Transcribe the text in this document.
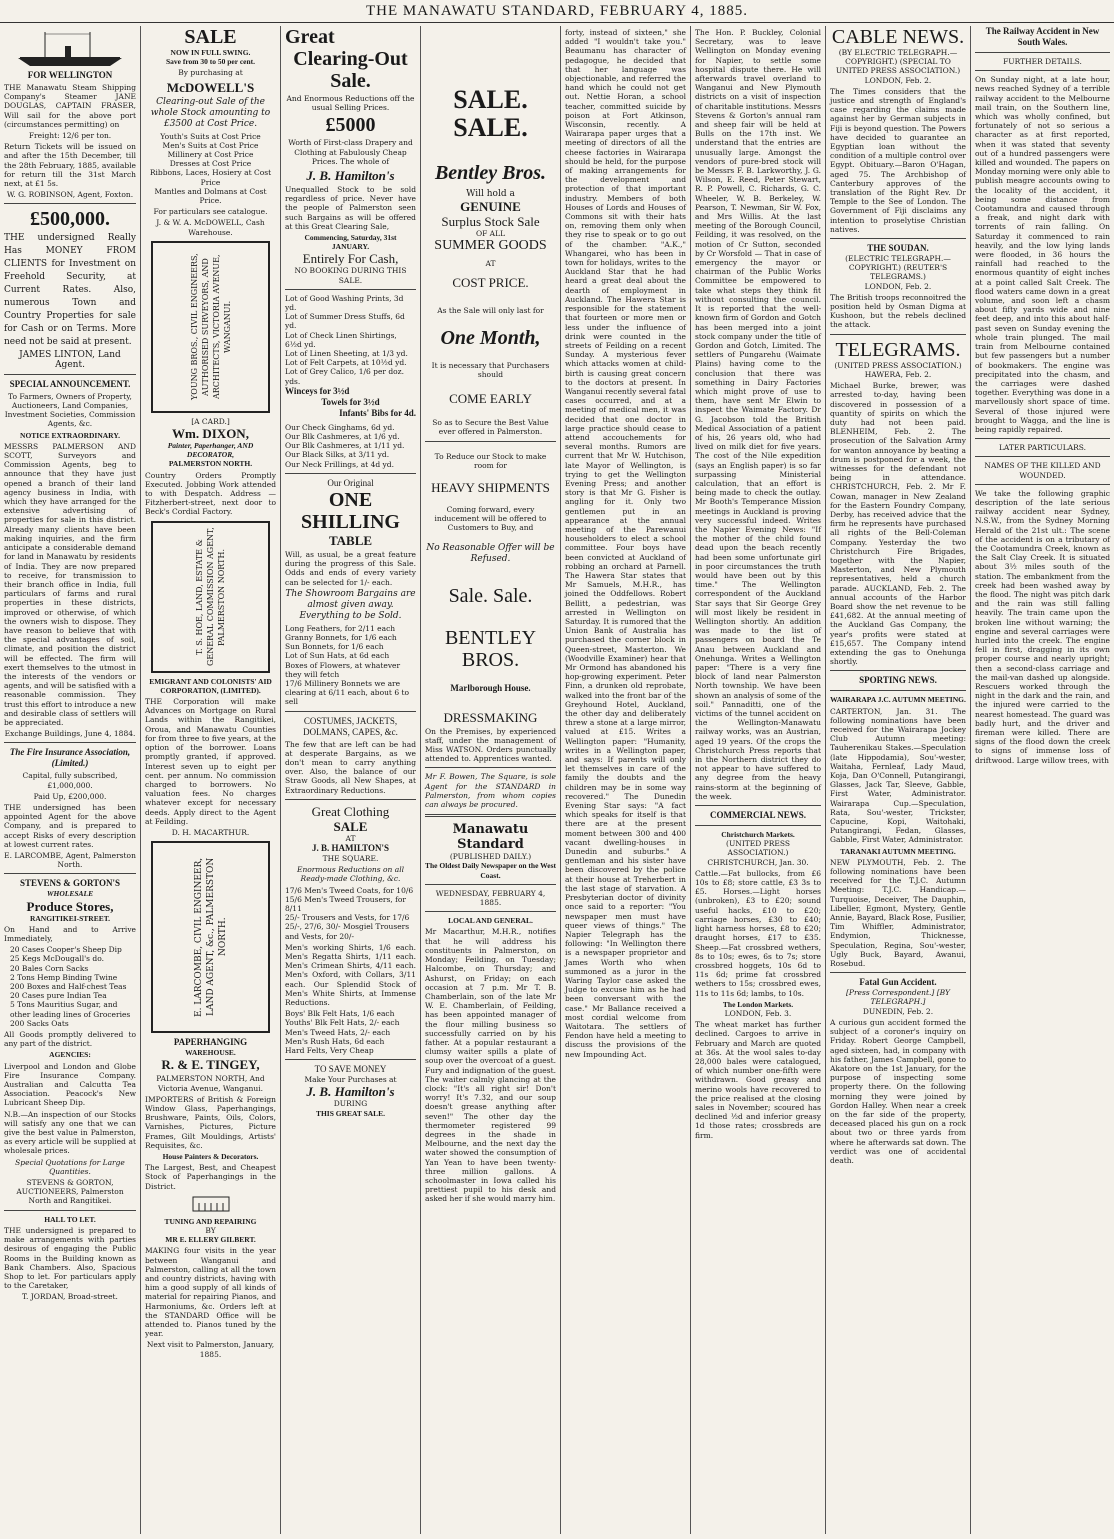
THE MANAWATU STANDARD, FEBRUARY 4, 1885.
FOR WELLINGTON

THE Manawatu Steam Shipping Company's Steamer JANE DOUGLAS, CAPTAIN FRASER, Will sail for the above port (circumstances permitting) on

Freight: 12/6 per ton.

Return Tickets will be issued on and after the 15th December, till the 28th February, 1885, available for return till the 31st March next, at £1 5s.

W. G. ROBINSON, Agent, Foxton.

£500,000.

THE undersigned Really Has MONEY FROM CLIENTS for Investment on Freehold Security, at Current Rates. Also, numerous Town and Country Properties for sale for Cash or on Terms. More need not be said at present.

JAMES LINTON, Land Agent.

SPECIAL ANNOUNCEMENT.

To Farmers, Owners of Property, Auctioneers, Land Companies, Investment Societies, Commission Agents, &c.

NOTICE EXTRAORDINARY.

MESSRS PALMERSON AND SCOTT, Surveyors and Commission Agents, beg to announce that they have just opened a branch of their land agency business in India, with which they have arranged for the extensive advertising of properties for sale in this district. Already many clients have been making inquiries, and the firm anticipate a considerable demand for land in Manawatu by residents of India. They are now prepared to receive, for transmission to their branch office in India, full particulars of farms and rural properties in these districts, improved or otherwise, of which the owners wish to dispose. They have reason to believe that with the special advantages of soil, climate, and position the district will be effected. The firm will exert themselves to the utmost in the interests of the vendors or agents, and will be satisfied with a reasonable commission. They trust this effort to introduce a new and desirable class of settlers will be appreciated.

Exchange Buildings, June 4, 1884.

The Fire Insurance Association, (Limited.)

Capital, fully subscribed, £1,000,000.

Paid Up, £200,000.

THE undersigned has been appointed Agent for the above Company, and is prepared to accept Risks of every description at lowest current rates.

E. LARCOMBE, Agent, Palmerston North.

STEVENS & GORTON'S
WHOLESALE
Produce Stores,
RANGITIKEI-STREET.

On Hand and to Arrive Immediately,

20 Cases Cooper's Sheep Dip
25 Kegs McDougall's do.
20 Bales Corn Sacks
2 Tons Hemp Binding Twine
200 Boxes and Half-chest Teas
20 Cases pure Indian Tea
5 Tons Mauritius Sugar, and other leading lines of Groceries
200 Sacks Oats

All Goods promptly delivered to any part of the district.

AGENCIES:

Liverpool and London and Globe Fire Insurance Company. Australian and Calcutta Tea Association. Peacock's New Lubricant Sheep Dip.

N.B.—An inspection of our Stocks will satisfy any one that we can give the best value in Palmerston, as every article will be supplied at wholesale prices.

Special Quotations for Large Quantities.

STEVENS & GORTON, AUCTIONEERS, Palmerston North and Rangitikei.

HALL TO LET.

THE undersigned is prepared to make arrangements with parties desirous of engaging the Public Rooms in the Building known as Bank Chambers. Also, Spacious Shop to let. For particulars apply to the Caretaker,

T. JORDAN, Broad-street.

SALE
NOW IN FULL SWING.
Save from 30 to 50 per cent.

By purchasing at

McDOWELL'S

Clearing-out Sale of the whole Stock amounting to £3500 at Cost Price.

Youth's Suits at Cost Price
Men's Suits at Cost Price
Millinery at Cost Price
Dresses at Cost Price
Ribbons, Laces, Hosiery at Cost Price
Mantles and Dolmans at Cost Price.

For particulars see catalogue.

J. & W. A. McDOWELL, Cash Warehouse.

YOUNG BROS., CIVIL ENGINEERS, AUTHORISED SURVEYORS, AND ARCHITECTS, VICTORIA AVENUE, WANGANUI.
[A CARD.]
Wm. DIXON,
Painter, Paperhanger, AND DECORATOR,
PALMERSTON NORTH.

Country Orders Promptly Executed. Jobbing Work attended to with Despatch. Address — Fitzherbert-street, next door to Beck's Cordial Factory.

T. S. HOE, LAND, ESTATE & GENERAL COMMISSION AGENT, PALMERSTON NORTH.
EMIGRANT AND COLONISTS' AID CORPORATION, (LIMITED).

THE Corporation will make Advances on Mortgage on Rural Lands within the Rangitikei, Oroua, and Manawatu Counties for from three to five years, at the option of the borrower. Loans promptly granted, if approved. Interest seven up to eight per cent. per annum. No commission charged to borrowers. No valuation fees. No charges whatever except for necessary deeds. Apply direct to the Agent at Feilding.

D. H. MACARTHUR.

E. LARCOMBE, CIVIL ENGINEER, LAND AGENT, &c., PALMERSTON NORTH.
PAPERHANGING
WAREHOUSE.
R. & E. TINGEY,

PALMERSTON NORTH, And Victoria Avenue, Wanganui.

IMPORTERS of British & Foreign Window Glass, Paperhangings, Brushware, Paints, Oils, Colors, Varnishes, Pictures, Picture Frames, Gilt Mouldings, Artists' Requisites, &c.

House Painters & Decorators.

The Largest, Best, and Cheapest Stock of Paperhangings in the District.

TUNING AND REPAIRING
BY
MR E. ELLERY GILBERT.

MAKING four visits in the year between Wanganui and Palmerston, calling at all the town and country districts, having with him a good supply of all kinds of material for repairing Pianos, and Harmoniums, &c. Orders left at the STANDARD Office will be attended to. Pianos tuned by the year.

Next visit to Palmerston, January, 1885.

Great
Clearing-Out Sale.

And Enormous Reductions off the usual Selling Prices.

£5000

Worth of First-class Drapery and Clothing at Fabulously Cheap Prices. The whole of

J. B. Hamilton's

Unequalled Stock to be sold regardless of price. Never have the people of Palmerston seen such Bargains as will be offered at this Great Clearing Sale,

Commencing, Saturday, 31st JANUARY.
Entirely For Cash,
NO BOOKING DURING THIS SALE.
Lot of Good Washing Prints, 3d yd.
Lot of Summer Dress Stuffs, 6d yd.
Lot of Check Linen Shirtings, 6½d yd.
Lot of Linen Sheeting, at 1/3 yd.
Lot of Felt Carpets, at 10½d yd.
Lot of Grey Calico, 1/6 per doz. yds.
Winceys for 3½d
Towels for 3½d
Infants' Bibs for 4d.
Our Check Ginghams, 6d yd.
Our Blk Cashmeres, at 1/6 yd.
Our Blk Cashmeres, at 1/11 yd.
Our Black Silks, at 3/11 yd.
Our Neck Frillings, at 4d yd.
Our Original
ONE SHILLING
TABLE

Will, as usual, be a great feature during the progress of this Sale. Odds and ends of every variety can be selected for 1/- each.

The Showroom Bargains are almost given away. Everything to be Sold.

Long Feathers, for 2/11 each
Granny Bonnets, for 1/6 each
Sun Bonnets, for 1/6 each
Lot of Sun Hats, at 6d each
Boxes of Flowers, at whatever they will fetch
17/6 Millinery Bonnets we are clearing at 6/11 each, about 6 to sell
COSTUMES, JACKETS, DOLMANS, CAPES, &c.

The few that are left can be had at desperate Bargains, as we don't mean to carry anything over. Also, the balance of our Straw Goods, all New Shapes, at Extraordinary Reductions.

Great Clothing
SALE
AT
J. B. HAMILTON'S
THE SQUARE.

Enormous Reductions on all Ready-made Clothing, &c.

17/6 Men's Tweed Coats, for 10/6
15/6 Men's Tweed Trousers, for 8/11
25/- Trousers and Vests, for 17/6
25/-, 27/6, 30/- Mosgiel Trousers and Vests, for 20/-

Men's working Shirts, 1/6 each. Men's Regatta Shirts, 1/11 each. Men's Crimean Shirts, 4/11 each. Men's Oxford, with Collars, 3/11 each. Our Splendid Stock of Men's White Shirts, at Immense Reductions.

Boys' Blk Felt Hats, 1/6 each
Youths' Blk Felt Hats, 2/- each
Men's Tweed Hats, 2/- each
Men's Rush Hats, 6d each
Hard Felts, Very Cheap
TO SAVE MONEY
Make Your Purchases at
J. B. Hamilton's
DURING
THIS GREAT SALE.
SALE. SALE.
Bentley Bros.
Will hold a
GENUINE
Surplus Stock Sale
OF ALL
SUMMER GOODS
AT
COST PRICE.

As the Sale will only last for

One Month,

It is necessary that Purchasers should

COME EARLY

So as to Secure the Best Value ever offered in Palmerston.

To Reduce our Stock to make room for

HEAVY SHIPMENTS

Coming forward, every inducement will be offered to Customers to Buy, and

No Reasonable Offer will be Refused.

Sale. Sale.
BENTLEY BROS.
Marlborough House.
DRESSMAKING

On the Premises, by experienced staff, under the management of Miss WATSON. Orders punctually attended to. Apprentices wanted.

Mr F. Bowen, The Square, is sole Agent for the STANDARD in Palmerston, from whom copies can always be procured.

Manawatu Standard
(PUBLISHED DAILY.)
The Oldest Daily Newspaper on the West Coast.
WEDNESDAY, FEBRUARY 4, 1885.
LOCAL AND GENERAL.

Mr Macarthur, M.H.R., notifies that he will address his constituents in Palmerston, on Monday; Feilding, on Tuesday; Halcombe, on Thursday; and Ashurst, on Friday; on each occasion at 7 p.m. Mr T. B. Chamberlain, son of the late Mr W. E. Chamberlain, of Feilding, has been appointed manager of the flour milling business so successfully carried on by his father. At a popular restaurant a clumsy waiter spills a plate of soup over the overcoat of a guest. Fury and indignation of the guest. The waiter calmly glancing at the clock: "It's all right sir! Don't worry! It's 7.32, and our soup doesn't grease anything after seven!" The other day the thermometer registered 99 degrees in the shade in Melbourne, and the next day the water showed the consumption of Yan Yean to have been twenty-three million gallons. A schoolmaster in Iowa called his prettiest pupil to his desk and asked her if she would marry him.

forty, instead of sixteen," she added "I wouldn't take you." Beaumanu has character of pedagogue, he decided that that her language was objectionable, and referred the hand which he could not get out. Nettie Horan, a school teacher, committed suicide by poison at Fort Atkinson, Wisconsin, recently. A Wairarapa paper urges that a meeting of directors of all the cheese factories in Wairarapa should be held, for the purpose of making arrangements for the development and protection of that important industry. Members of both Houses of Lords and Houses of Commons sit with their hats on, removing them only when they rise to speak or to go out of the chamber. "A.K.," Whangarei, who has been in town for holidays, writes to the Auckland Star that he had heard a great deal about the dearth of employment in Auckland. The Hawera Star is responsible for the statement that fourteen or more men or less under the influence of drink were counted in the streets of Feilding on a recent Sunday. A mysterious fever which attacks women at child-birth is causing great concern to the doctors at present. In Wanganui recently several fatal cases occurred, and at a meeting of medical men, it was decided that one doctor in large practice should cease to attend accouchements for several months. Rumors are current that Mr W. Hutchison, late Mayor of Wellington, is trying to get the Wellington Evening Press; and another story is that Mr G. Fisher is angling for it. Only two gentlemen put in an appearance at the annual meeting of the Parewanui householders to elect a school committee. Four boys have been convicted at Auckland of robbing an orchard at Parnell. The Hawera Star states that Mr Samuels, M.H.R., has joined the Oddfellows. Robert Bellitt, a pedestrian, was arrested in Wellington on Saturday. It is rumored that the Union Bank of Australia has purchased the corner block in Queen-street, Masterton. We (Woodville Examiner) hear that Mr Ormond has abandoned his hop-growing experiment. Peter Finn, a drunken old reprobate, walked into the front bar of the Greyhound Hotel, Auckland, the other day and deliberately threw a stone at a large mirror, valued at £15. Writes a Wellington paper: "Humanity, writes in a Wellington paper, and says: If parents will only let themselves in care of the family the doubts and the children may be in some way recovered." The Dunedin Evening Star says: "A fact which speaks for itself is that there are at the present moment between 300 and 400 vacant dwelling-houses in Dunedin and suburbs." A gentleman and his sister have been discovered by the police at their house at Treherbert in the last stage of starvation. A Presbyterian doctor of divinity once said to a reporter: "You newspaper men must have queer views of things." The Napier Telegraph has the following: "In Wellington there is a newspaper proprietor and James Worth who when summoned as a juror in the Waring Taylor case asked the Judge to excuse him as he had been conversant with the case." Mr Ballance received a most cordial welcome from Waitotara. The settlers of Fendon have held a meeting to discuss the provisions of the new Impounding Act.

The Hon. P. Buckley, Colonial Secretary, was to leave Wellington on Monday evening for Napier, to settle some hospital dispute there. He will afterwards travel overland to Wanganui and New Plymouth districts on a visit of inspection of charitable institutions. Messrs Stevens & Gorton's annual ram and sheep fair will be held at Bulls on the 17th inst. We understand that the entries are unusually large. Amongst the vendors of pure-bred stock will be Messrs F. B. Larkworthy, J. G. Wilson, E. Reed, Peter Stewart, R. P. Powell, C. Richards, G. C. Wheeler, W. B. Berkeley, W. Pearson, T. Newman, Sir W. Fox, and Mrs Willis. At the last meeting of the Borough Council, Feilding, it was resolved, on the motion of Cr Sutton, seconded by Cr Worsfold — That in case of emergency the mayor or chairman of the Public Works Committee be empowered to take what steps they think fit without consulting the council. It is reported that the well-known firm of Gordon and Gotch has been merged into a joint stock company under the title of Gordon and Gotch, Limited. The settlers of Pungarehu (Waimate Plains) having come to the conclusion that there was something in Dairy Factories which might prove of use to them, have sent Mr Elwin to inspect the Waimate Factory. Dr G. Jacobson told the British Medical Association of a patient of his, 26 years old, who had lived on milk diet for five years. The cost of the Nile expedition (says an English paper) is so far surpassing Ministerial calculation, that an effort is being made to check the outlay. Mr Booth's Temperance Mission meetings in Auckland is proving very successful indeed. Writes the Napier Evening News: "If the mother of the child found dead upon the beach recently had been some unfortunate girl in poor circumstances the truth would have been out by this time." The Wellington correspondent of the Auckland Star says that Sir George Grey will most likely be resident in Wellington shortly. An addition was made to the list of passengers on board the Te Anau between Auckland and Onehunga. Writes a Wellington paper: "There is a very fine block of land near Palmerston North township. We have been shown an analysis of some of the soil." Pannaditti, one of the victims of the tunnel accident on the Wellington-Manawatu railway works, was an Austrian, aged 19 years. Of the crops the Christchurch Press reports that in the Northern district they do not appear to have suffered to any degree from the heavy rains-storm at the beginning of the week.

COMMERCIAL NEWS.
Christchurch Markets.
(UNITED PRESS ASSOCIATION.)
CHRISTCHURCH, Jan. 30.

Cattle.—Fat bullocks, from £6 10s to £8; store cattle, £3 3s to £5. Horses.—Light horses (unbroken), £3 to £20; sound useful hacks, £10 to £20; carriage horses, £30 to £40; light harness horses, £8 to £20; draught horses, £17 to £35. Sheep.—Fat crossbred wethers, 8s to 10s; ewes, 6s to 7s; store crossbred hoggets, 10s 6d to 11s 6d; prime fat crossbred wethers to 15s; crossbred ewes, 11s to 11s 6d; lambs, to 10s.

The London Markets.
LONDON, Feb. 3.

The wheat market has further declined. Cargoes to arrive in February and March are quoted at 36s. At the wool sales to-day 28,000 bales were catalogued, of which number one-fifth were withdrawn. Good greasy and merino wools have recovered to the price realised at the closing sales in November; scoured has declined ½d and inferior greasy 1d those rates; crossbreds are firm.

CABLE NEWS.
(BY ELECTRIC TELEGRAPH.—COPYRIGHT.) (SPECIAL TO UNITED PRESS ASSOCIATION.)
LONDON, Feb. 2.

The Times considers that the justice and strength of England's case regarding the claims made against her by German subjects in Fiji is beyond question. The Powers have decided to guarantee an Egyptian loan without the condition of a multiple control over Egypt. Obituary.—Baron O'Hagan, aged 75. The Archbishop of Canterbury approves of the translation of the Right Rev. Dr Temple to the See of London. The Government of Fiji disclaims any intention to proselytise Christian natives.

THE SOUDAN.
(ELECTRIC TELEGRAPH.—COPYRIGHT.) (REUTER'S TELEGRAMS.)
LONDON, Feb. 2.

The British troops reconnoitred the position held by Osman Digma at Kushoon, but the rebels declined the attack.

TELEGRAMS.
(UNITED PRESS ASSOCIATION.)
HAWERA, Feb. 2.

Michael Burke, brewer, was arrested to-day, having been discovered in possession of a quantity of spirits on which the duty had not been paid. BLENHEIM, Feb. 2. The prosecution of the Salvation Army for wanton annoyance by beating a drum is postponed for a week, the witnesses for the defendant not being in attendance. CHRISTCHURCH, Feb. 2. Mr F. Cowan, manager in New Zealand for the Eastern Foundry Company, Derby, has received advice that the firm he represents have purchased all rights of the Bell-Coleman Company. Yesterday the two Christchurch Fire Brigades, together with the Napier, Masterton, and New Plymouth representatives, held a church parade. AUCKLAND, Feb. 2. The annual accounts of the Harbor Board show the net revenue to be £41,682. At the annual meeting of the Auckland Gas Company, the year's profits were stated at £15,657. The Company intend extending the gas to Onehunga shortly.

SPORTING NEWS.
WAIRARAPA J.C. AUTUMN MEETING.

CARTERTON, Jan. 31. The following nominations have been received for the Wairarapa Jockey Club Autumn meeting: Tauherenikau Stakes.—Speculation (late Hippodamia), Sou'-wester, Waitaha, Fernleaf, Lady Maud, Koja, Dan O'Connell, Putangirangi, Glasses, Jack Tar, Sleeve, Gabble, First Water, Administrator. Wairarapa Cup.—Speculation, Rata, Sou'-wester, Trickster, Capucine, Kopi, Waitohaki, Putangirangi, Fedan, Glasses, Gabble, First Water, Administrator.

TARANAKI AUTUMN MEETING.

NEW PLYMOUTH, Feb. 2. The following nominations have been received for the T.J.C. Autumn Meeting: T.J.C. Handicap.—Turquoise, Deceiver, The Dauphin, Libeller, Egmont, Mystery, Gentle Annie, Bayard, Black Rose, Fusilier, Tim Whiffler, Administrator, Endymion, Thicknesse, Speculation, Regina, Sou'-wester, Ugly Buck, Bayard, Awanui, Rosebud.

Fatal Gun Accident.
[Press Correspondent.] [BY TELEGRAPH.]
DUNEDIN, Feb. 2.

A curious gun accident formed the subject of a coroner's inquiry on Friday. Robert George Campbell, aged sixteen, had, in company with his father, James Campbell, gone to Akatore on the 1st January, for the purpose of inspecting some property there. On the following morning they were joined by Gordon Halley. When near a creek on the far side of the property, deceased placed his gun on a rock about two or three yards from where he afterwards sat down. The verdict was one of accidental death.

The Railway Accident in New South Wales.
FURTHER DETAILS.

On Sunday night, at a late hour, news reached Sydney of a terrible railway accident to the Melbourne mail train, on the Southern line, which was wholly confined, but fortunately of not so serious a character as at first reported, when it was stated that seventy out of a hundred passengers were killed and wounded. The papers on Monday morning were only able to publish meagre accounts owing to the locality of the accident, it being some distance from Cootamundra and caused through a freak, and night dark with torrents of rain falling. On Saturday it commenced to rain heavily, and the low lying lands were flooded, in 36 hours the rainfall had reached to the enormous quantity of eight inches at a point called Salt Creek. The flood waters came down in a great volume, and soon left a chasm about fifty yards wide and nine feet deep, and into this about half-past seven on Sunday evening the whole train plunged. The mail train from Melbourne contained but few passengers but a number of bookmakers. The engine was precipitated into the chasm, and the carriages were dashed together. Everything was done in a marvellously short space of time. Several of those injured were brought to Wagga, and the line is being rapidly repaired.

LATER PARTICULARS.
NAMES OF THE KILLED AND WOUNDED.

We take the following graphic description of the late serious railway accident near Sydney, N.S.W., from the Sydney Morning Herald of the 21st ult.: The scene of the accident is on a tributary of the Cootamundra Creek, known as the Salt Clay Creek. It is situated about 3½ miles south of the station. The embankment from the creek had been washed away by the flood. The night was pitch dark and the rain was still falling heavily. The train came upon the broken line without warning; the engine and several carriages were hurled into the creek. The engine fell in first, dragging in its own proper course and nearly upright; then a second-class carriage and the mail-van dashed up alongside. Rescuers worked through the night in the dark and the rain, and the injured were carried to the nearest homestead. The guard was badly hurt, and the driver and fireman were killed. There are signs of the flood down the creek to signs of immense loss of driftwood. Large willow trees, with
